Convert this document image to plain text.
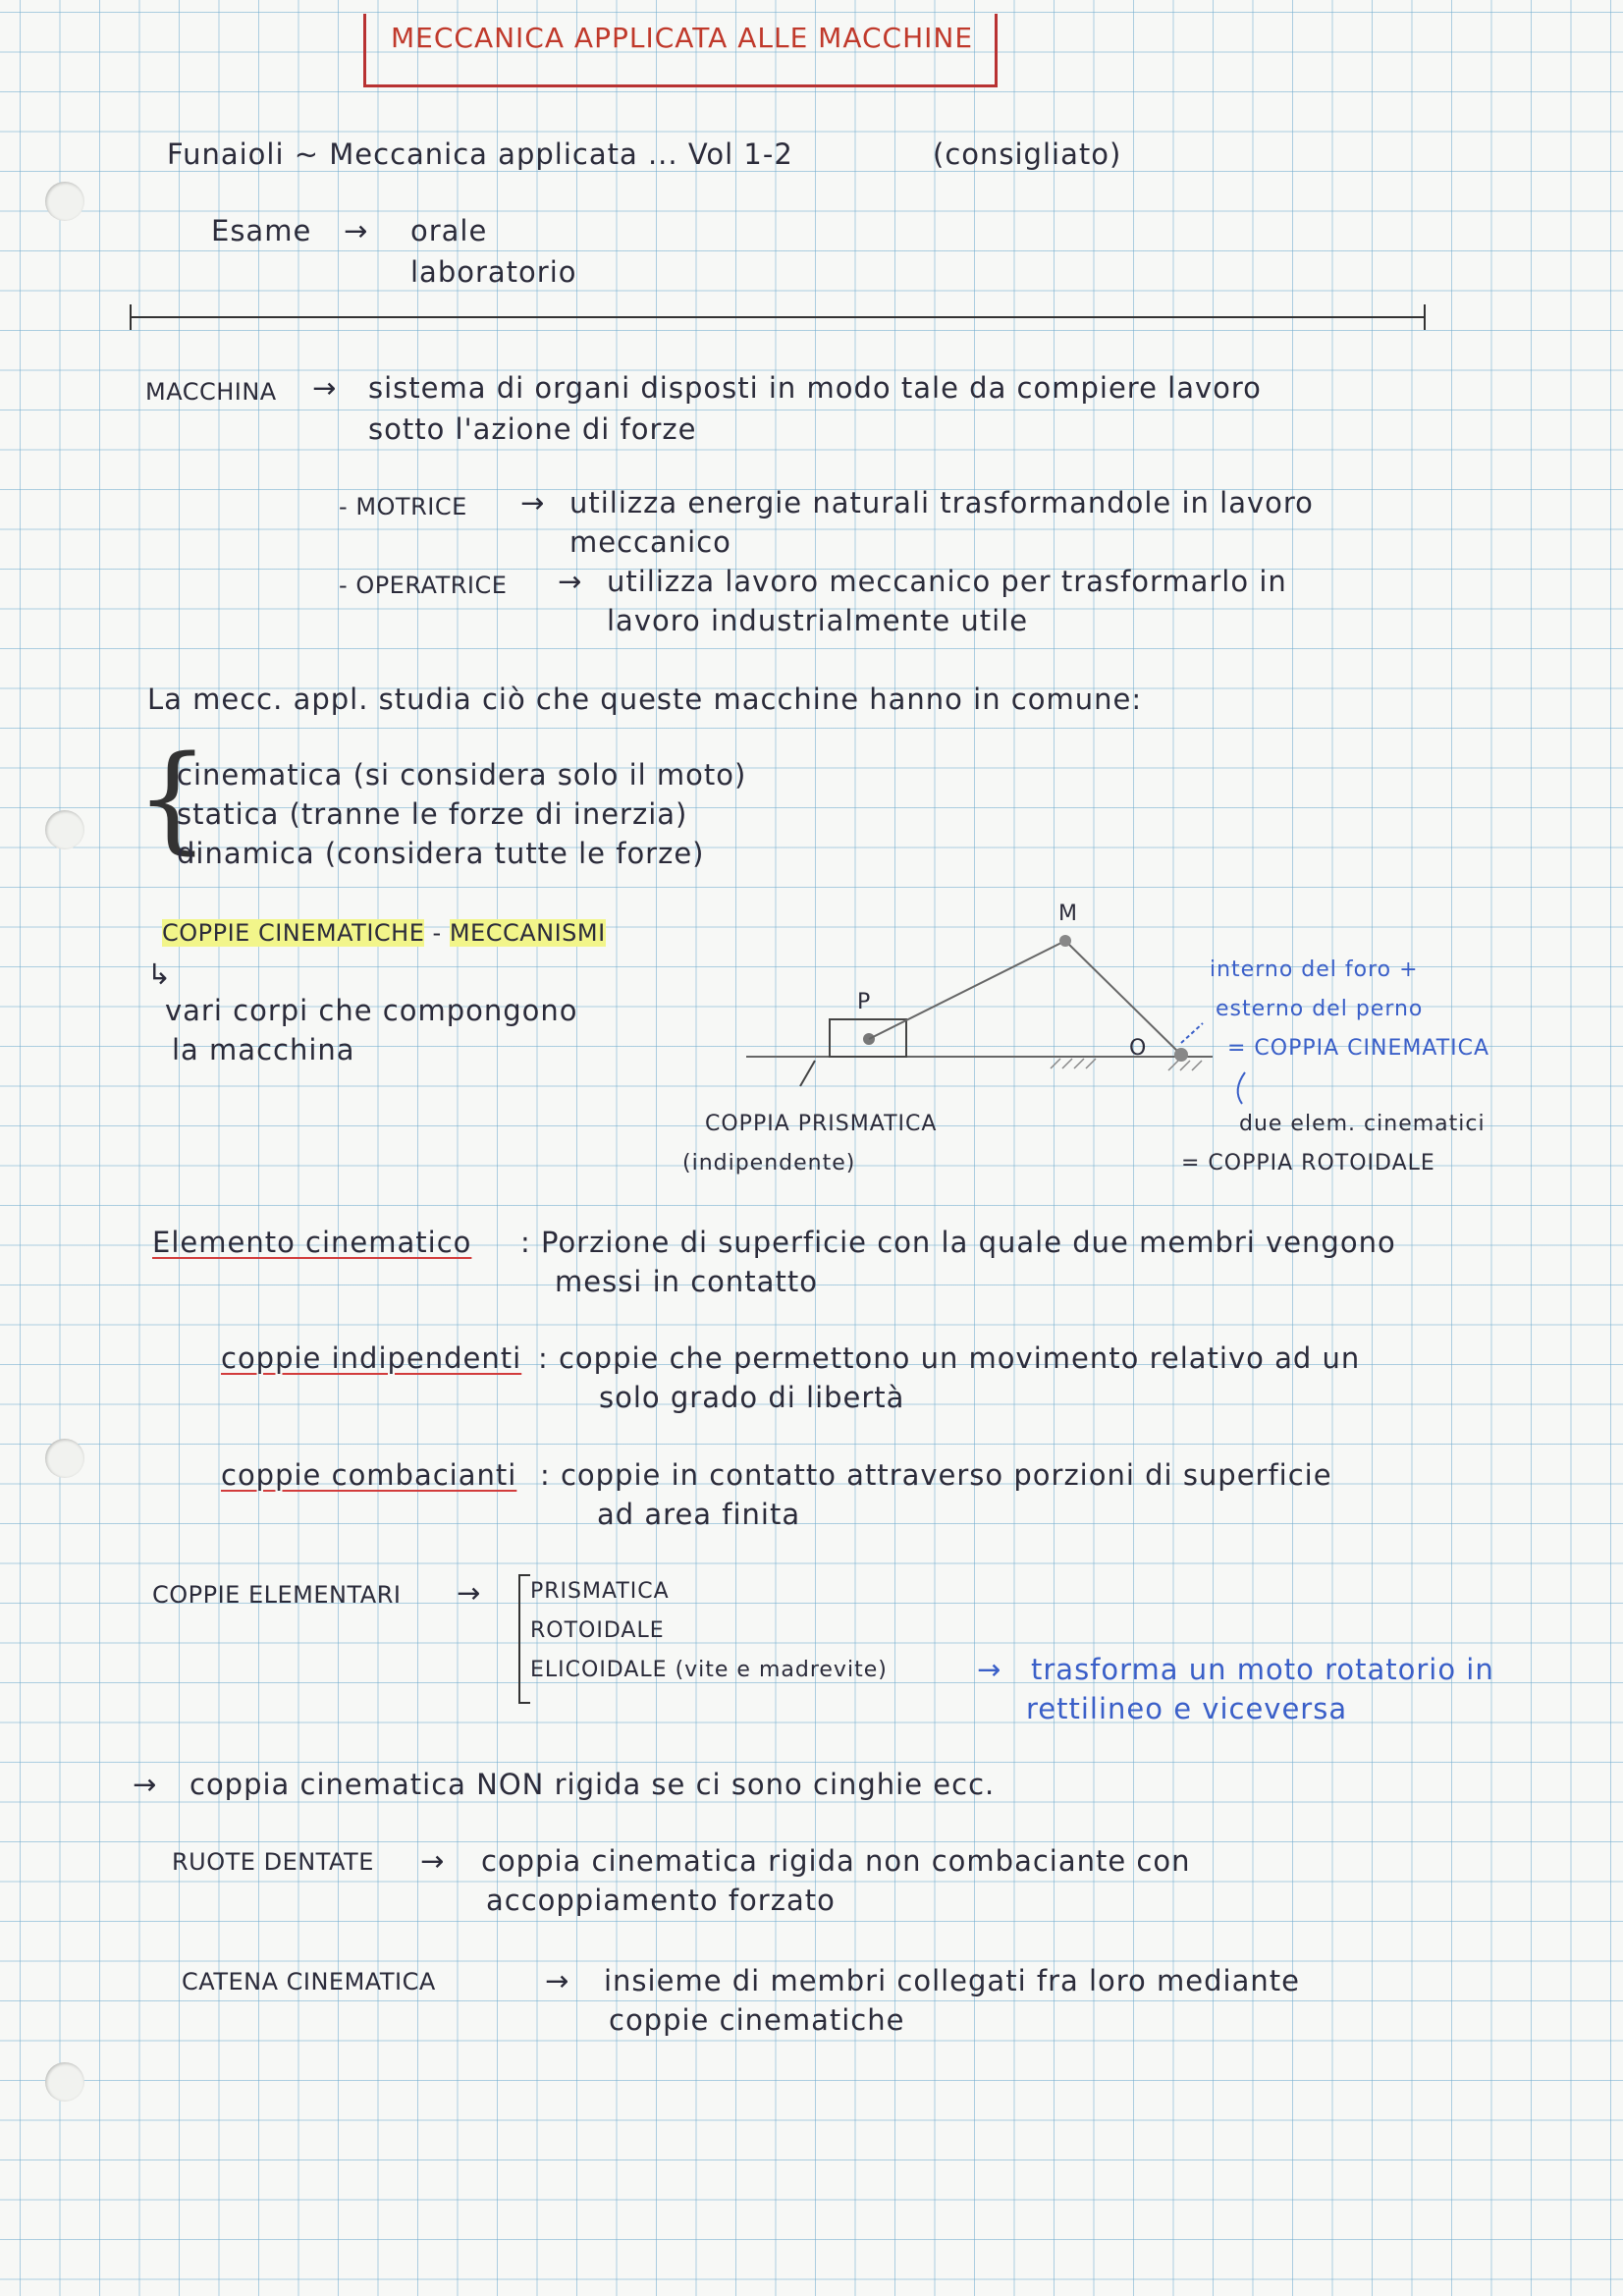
MECCANICA APPLICATA ALLE MACCHINE
Funaioli ~ Meccanica applicata ... Vol 1-2	(consigliato)
Esame → orale
laboratorio
MACCHINA → sistema di organi disposti in modo tale da compiere lavoro
sotto l'azione di forze
- MOTRICE → utilizza energie naturali trasformandole in lavoro
meccanico
- OPERATRICE → utilizza lavoro meccanico per trasformarlo in
lavoro industrialmente utile
La mecc. appl. studia ciò che queste macchine hanno in comune:
{
cinematica (si considera solo il moto)
statica (tranne le forze di inerzia)
dinamica (considera tutte le forze)
COPPIE CINEMATICHE - MECCANISMI
↳
vari corpi che compongono
la macchina
M
P
O
COPPIA PRISMATICA
(indipendente)
interno del foro +
esterno del perno
= COPPIA CINEMATICA
due elem. cinematici
= COPPIA ROTOIDALE
Elemento cinematico : Porzione di superficie con la quale due membri vengono
messi in contatto
coppie indipendenti : coppie che permettono un movimento relativo ad un
solo grado di libertà
coppie combacianti : coppie in contatto attraverso porzioni di superficie
ad area finita
COPPIE ELEMENTARI → PRISMATICA
ROTOIDALE
ELICOIDALE (vite e madrevite)	→ trasforma un moto rotatorio in
rettilineo e viceversa
→ coppia cinematica NON rigida se ci sono cinghie ecc.
RUOTE DENTATE → coppia cinematica rigida non combaciante con
accoppiamento forzato
CATENA CINEMATICA	→ insieme di membri collegati fra loro mediante
coppie cinematiche
